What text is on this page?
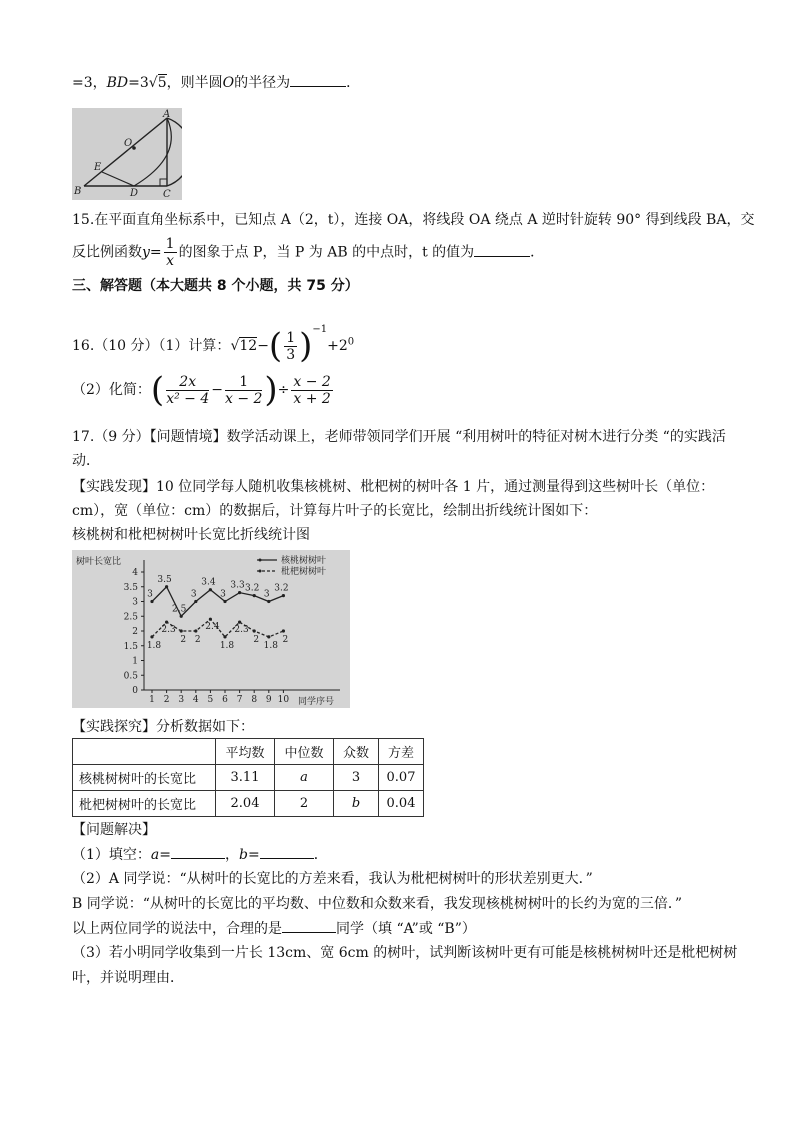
=3，BD=3√5，则半圆O的半径为	．
A
O
E
B	D C
15.在平面直角坐标系中，已知点 A（2，t），连接 OA，将线段 OA 绕点 A 逆时针旋转 90° 得到线段 BA，交
反比例函数$y= \frac{1}{x}$ 的图象于点 P，当 P 为 AB 的中点时，t 的值为	．
三、解答题（本大题共 8 个小题，共 75 分）
16.（10 分）（1）计算：$√12-( \frac{1}{3} )^{-1}+2^0$
（2）化简：( $\frac{2x}{\text{x² − 4}} - \frac{1}{x - 2}$ )÷ $\frac{x - 2}{x + 2}$
17.（9 分）【问题情境】数学活动课上，老师带领同学们开展 “利用树叶的特征对树木进行分类 “的实践活
动．
【实践发现】10 位同学每人随机收集核桃树、枇杷树的树叶各 1 片，通过测量得到这些树叶长（单位：
cm），宽（单位：cm）的数据后，计算每片叶子的长宽比，绘制出折线统计图如下：
核桃树和枇杷树树叶长宽比折线统计图
树叶长宽比
同学序号
0
0.5
1
1.5
2
2.5
3
3.5
4
1 2 3 4 5 6 7 8 9 10
3
3.5
2.5
3
3.4
3
3.3 3.2
3
3.2
1.8
2.3
2 2
2.4
1.8
2.3
2
1.8
2
核桃树树叶
枇杷树树叶
【实践探究】分析数据如下：
	平均数	中位数	众数	方差
核桃树树叶的长宽比	3.11	a	3	0.07
枇杷树树叶的长宽比	2.04	2	b	0.04
【问题解决】
（1）填空：a=	，b=	．
（2）A 同学说：“从树叶的长宽比的方差来看，我认为枇杷树树叶的形状差别更大．”
B 同学说：“从树叶的长宽比的平均数、中位数和众数来看，我发现核桃树树叶的长约为宽的三倍．”
以上两位同学的说法中，合理的是	同学（填 “A”或 “B”）
（3）若小明同学收集到一片长 13cm、宽 6cm 的树叶，试判断该树叶更有可能是核桃树树叶还是枇杷树树
叶，并说明理由．
